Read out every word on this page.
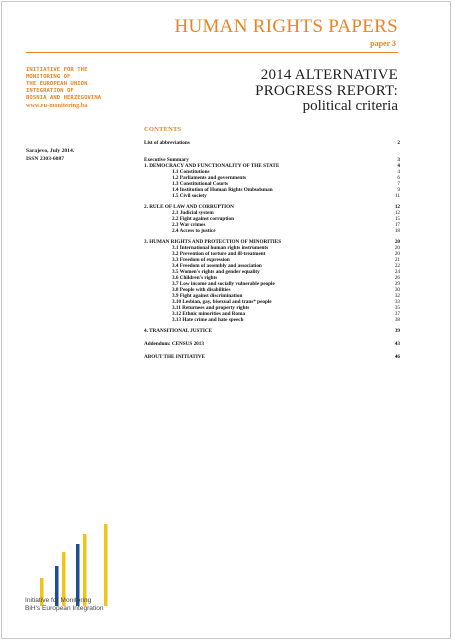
HUMAN RIGHTS PAPERS
paper 3
INITIATIVE FOR THE
MONITORING OF
THE EUROPEAN UNION
INTEGRATION OF
BOSNIA AND HERZEGOVINA
www.eu-monitoring.ba
2014 ALTERNATIVE
PROGRESS REPORT:
political criteria
Sarajevo, July 2014.
ISSN 2303-6087
CONTENTS
List of abbreviations	2
Executive Summary	3
1. DEMOCRACY AND FUNCTIONALITY OF THE STATE	4
1.1 Constitutions	4
1.2 Parliaments and governments	6
1.3 Constitutional Courts	7
1.4 Institution of Human Rights Ombudsman	9
1.5 Civil society	11
2. RULE OF LAW AND CORRUPTION	12
2.1 Judicial system	12
2.2 Fight against corruption	15
2.3 War crimes	17
2.4 Access to justice	18
3. HUMAN RIGHTS AND PROTECTION OF MINORITIES	20
3.1 International human rights instruments	20
3.2 Prevention of torture and ill-treatment	20
3.3 Freedom of expression	21
3.4 Freedom of assembly and association	22
3.5 Women's rights and gender equality	24
3.6 Children's rights	26
3.7 Low income and socially vulnerable people	29
3.8 People with disabilities	30
3.9 Fight against discrimination	32
3.10 Lesbian, gay, bisexual and trans* people	33
3.11 Returnees and property rights	35
3.12 Ethnic minorities and Roma	37
3.13 Hate crime and hate speech	38
4. TRANSITIONAL JUSTICE	39
Addendum: CENSUS 2013	43
ABOUT THE INITIATIVE	46
Initiative for Monitoring
BiH's European Integration
